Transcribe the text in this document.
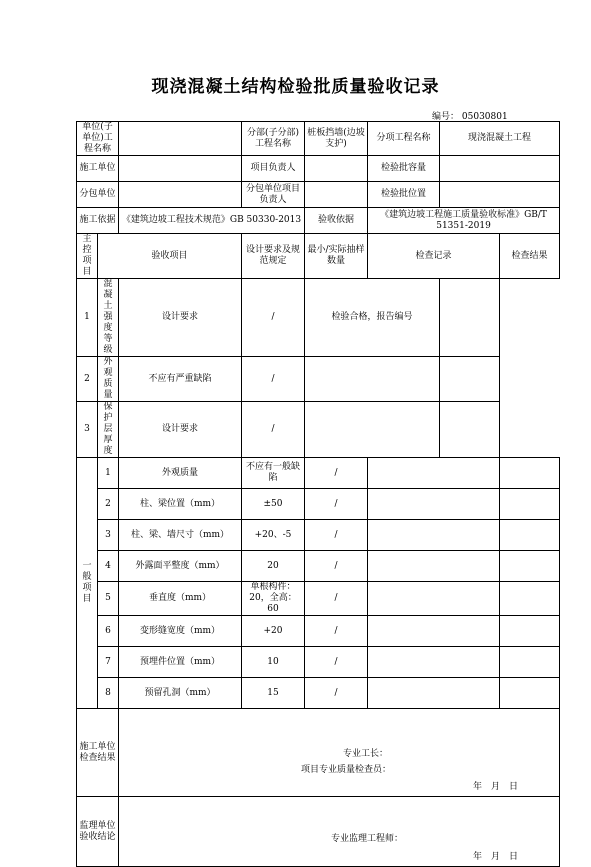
现浇混凝土结构检验批质量验收记录
编号： 05030801
单位(子单位)工程名称			分部(子分部)工程名称	桩板挡墙(边坡支护)	分项工程名称	现浇混凝土工程	
施工单位			项目负责人		检验批容量		
分包单位			分包单位项目负责人		检验批位置		
施工依据		《建筑边坡工程技术规范》GB 50330-2013		验收依据	《建筑边坡工程施工质量验收标准》GB/T 51351-2019		

主控项目	验收项目		设计要求及规范规定	最小/实际抽样数量	检查记录		检查结果
1	混凝土强度等级	设计要求	/	检验合格，报告编号			
2	外观质量	不应有严重缺陷	/				
3	保护层厚度	设计要求	/				

一般项目	1	外观质量	不应有一般缺陷	/			
	2	柱、梁位置（mm）	±50	/			
	3	柱、梁、墙尺寸（mm）	+20、-5	/			
	4	外露面平整度（mm）	20	/			
	5	垂直度（mm）	单根构件：20，全高：60	/			
	6	变形缝宽度（mm）	+20	/			
	7	预埋件位置（mm）	10	/			
	8	预留孔洞（mm）	15	/			
施工单位检查结果		专业工长：
项目专业质量检查员：
年　月　日					

监理单位验收结论		专业监理工程师：
年　月　日					
